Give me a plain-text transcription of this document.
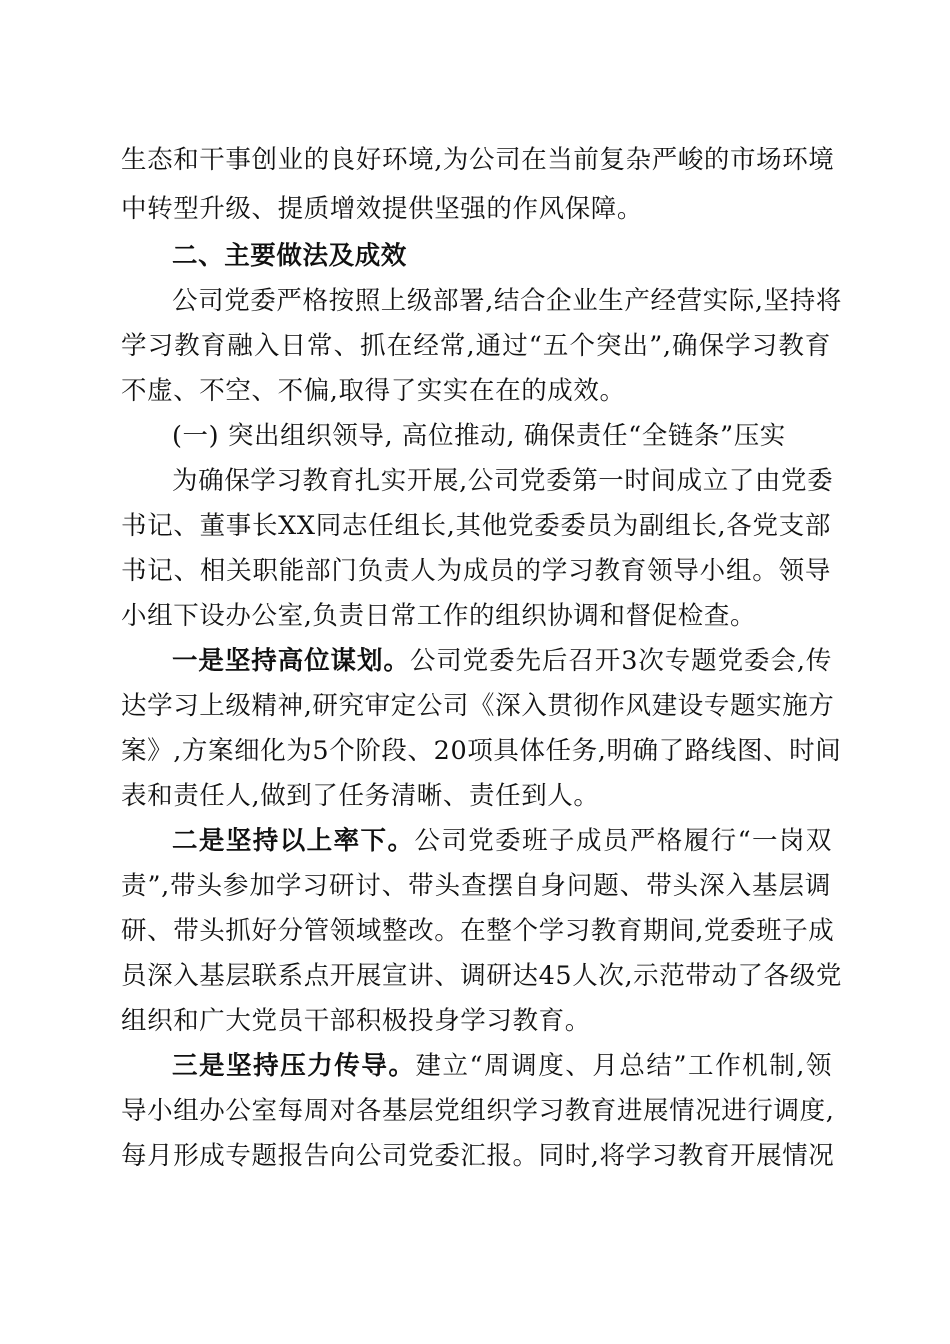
生态和干事创业的良好环境,为公司在当前复杂严峻的市场环境
中转型升级、提质增效提供坚强的作风保障。
二、主要做法及成效
公司党委严格按照上级部署,结合企业生产经营实际,坚持将
学习教育融入日常、抓在经常,通过“五个突出”,确保学习教育
不虚、不空、不偏,取得了实实在在的成效。
(一) 突出组织领导, 高位推动, 确保责任“全链条”压实
为确保学习教育扎实开展,公司党委第一时间成立了由党委
书记、董事长XX同志任组长,其他党委委员为副组长,各党支部
书记、相关职能部门负责人为成员的学习教育领导小组。领导
小组下设办公室,负责日常工作的组织协调和督促检查。
一是坚持高位谋划。公司党委先后召开3次专题党委会,传
达学习上级精神,研究审定公司《深入贯彻作风建设专题实施方
案》,方案细化为5个阶段、20项具体任务,明确了路线图、时间
表和责任人,做到了任务清晰、责任到人。
二是坚持以上率下。公司党委班子成员严格履行“一岗双
责”,带头参加学习研讨、带头查摆自身问题、带头深入基层调
研、带头抓好分管领域整改。在整个学习教育期间,党委班子成
员深入基层联系点开展宣讲、调研达45人次,示范带动了各级党
组织和广大党员干部积极投身学习教育。
三是坚持压力传导。建立“周调度、月总结”工作机制,领
导小组办公室每周对各基层党组织学习教育进展情况进行调度,
每月形成专题报告向公司党委汇报。同时,将学习教育开展情况
